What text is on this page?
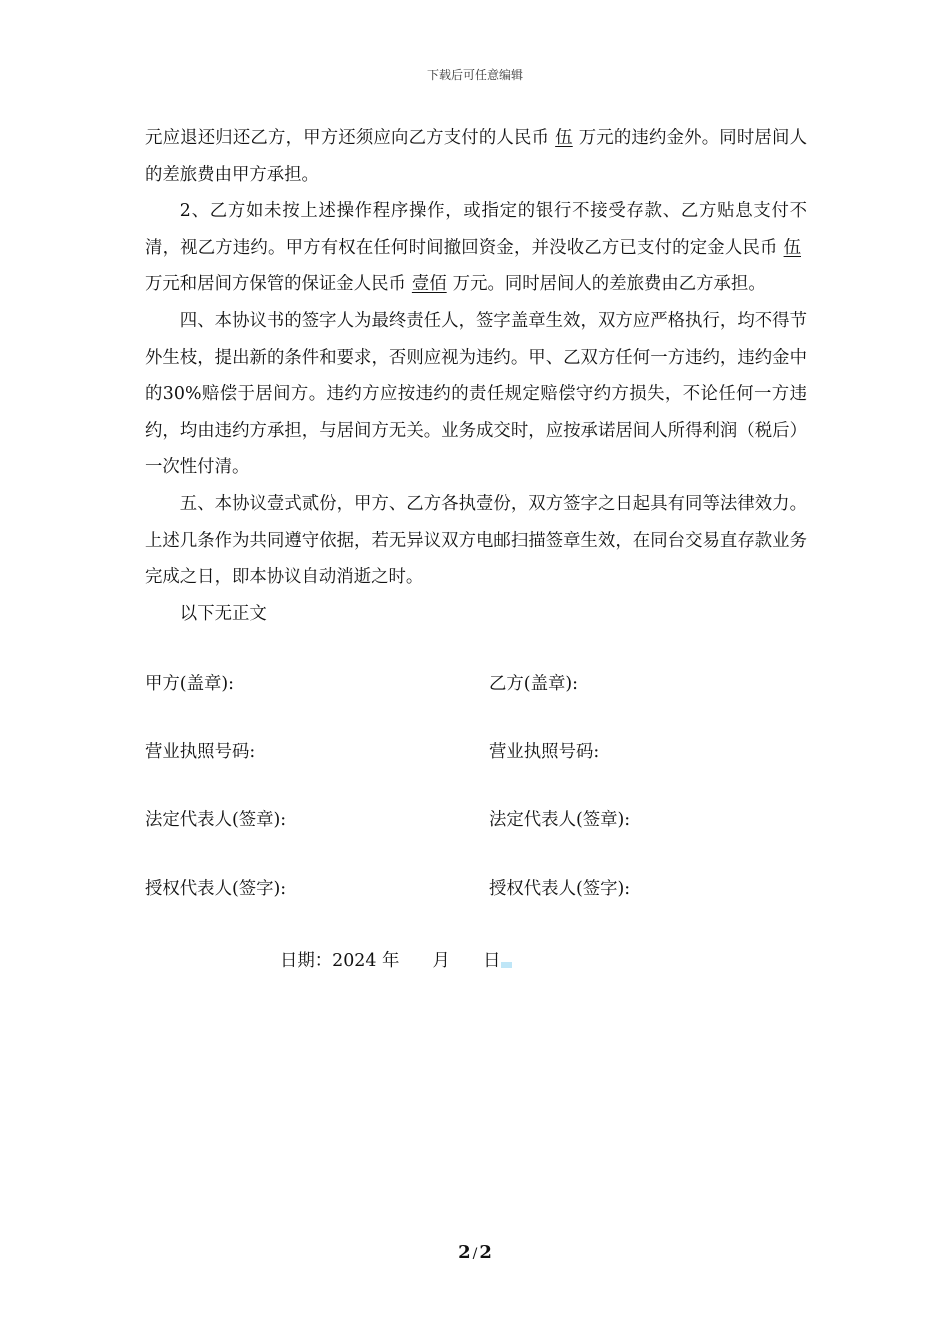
下载后可任意编辑

元应退还归还乙方，甲方还须应向乙方支付的人民币 伍 万元的违约金外。同时居间人的差旅费由甲方承担。

2、乙方如未按上述操作程序操作，或指定的银行不接受存款、乙方贴息支付不清，视乙方违约。甲方有权在任何时间撤回资金，并没收乙方已支付的定金人民币 伍万元和居间方保管的保证金人民币 壹佰 万元。同时居间人的差旅费由乙方承担。

四、本协议书的签字人为最终责任人，签字盖章生效，双方应严格执行，均不得节外生枝，提出新的条件和要求，否则应视为违约。甲、乙双方任何一方违约，违约金中的30%赔偿于居间方。违约方应按违约的责任规定赔偿守约方损失，不论任何一方违约，均由违约方承担，与居间方无关。业务成交时，应按承诺居间人所得利润（税后）一次性付清。

五、本协议壹式贰份，甲方、乙方各执壹份，双方签字之日起具有同等法律效力。上述几条作为共同遵守依据，若无异议双方电邮扫描签章生效，在同台交易直存款业务完成之日，即本协议自动消逝之时。

以下无正文

甲方(盖章):	乙方(盖章):
营业执照号码:	营业执照号码:
法定代表人(签章):	法定代表人(签章):
授权代表人(签字):	授权代表人(签字):
日期：2024 年      月      日
2 / 2
